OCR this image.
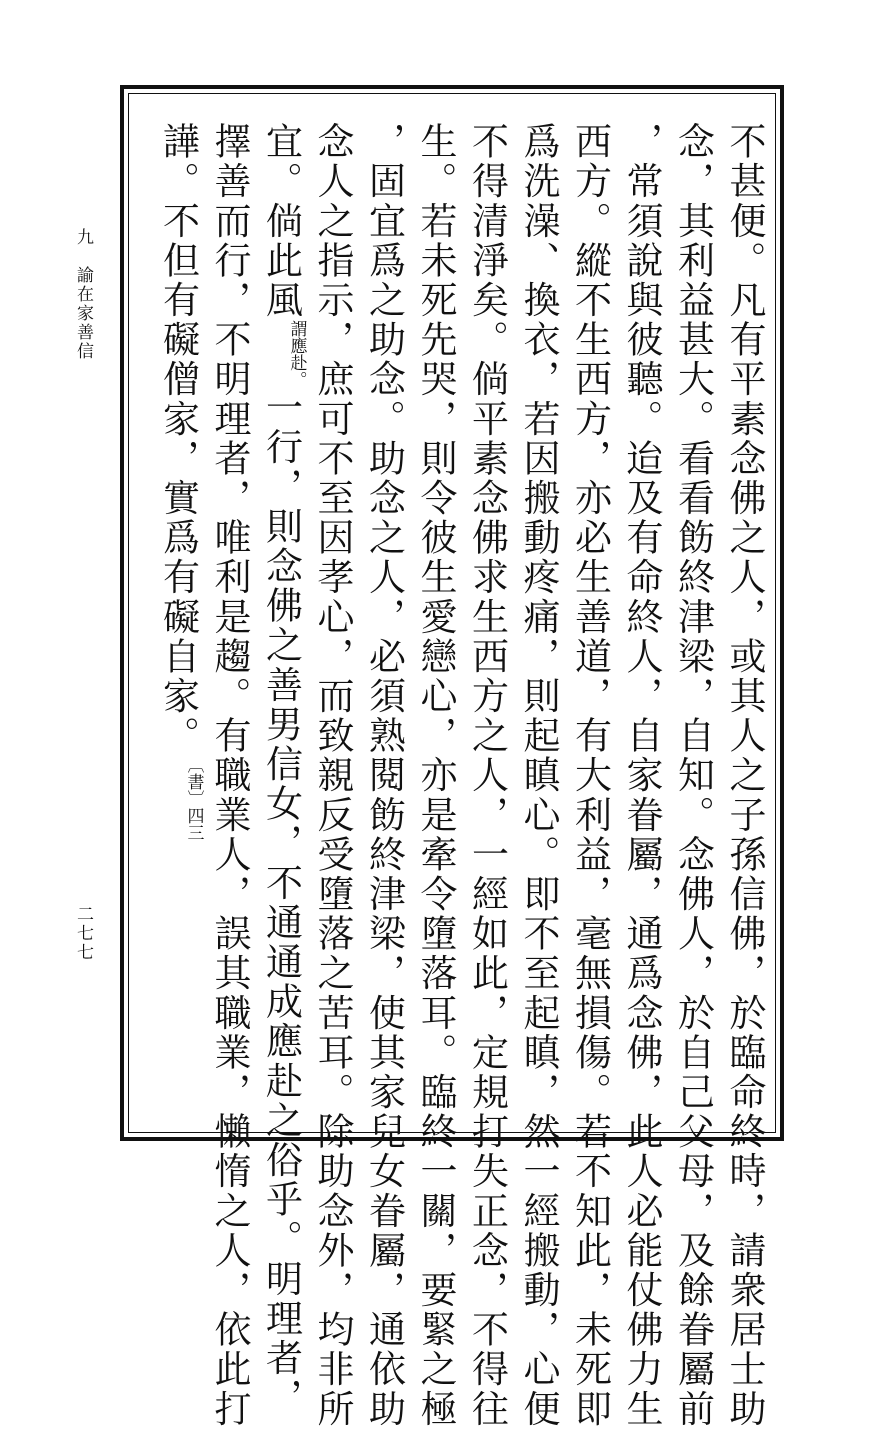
九　諭在家善信
二七七	不甚便。凡有平素念佛之人，或其人之子孫信佛，於臨命終時，請衆居士助
念，其利益甚大。看看飭終津梁，自知。念佛人，於自己父母，及餘眷屬前
，常須說與彼聽。迨及有命終人，自家眷屬，通爲念佛，此人必能仗佛力生
西方。縱不生西方，亦必生善道，有大利益，毫無損傷。若不知此，未死即
爲洗澡、換衣，若因搬動疼痛，則起瞋心。即不至起瞋，然一經搬動，心便
不得清淨矣。倘平素念佛求生西方之人，一經如此，定規打失正念，不得往
生。若未死先哭，則令彼生愛戀心，亦是牽令墮落耳。臨終一關，要緊之極
，固宜爲之助念。助念之人，必須熟閱飭終津梁，使其家兒女眷屬，通依助
念人之指示，庶可不至因孝心，而致親反受墮落之苦耳。除助念外，均非所
宜。倘此風謂應赴。一行，則念佛之善男信女，不通通成應赴之俗乎。明理者，
擇善而行，不明理者，唯利是趨。有職業人，誤其職業，懶惰之人，依此打
譁。不但有礙僧家，實爲有礙自家。〔書〕四三
